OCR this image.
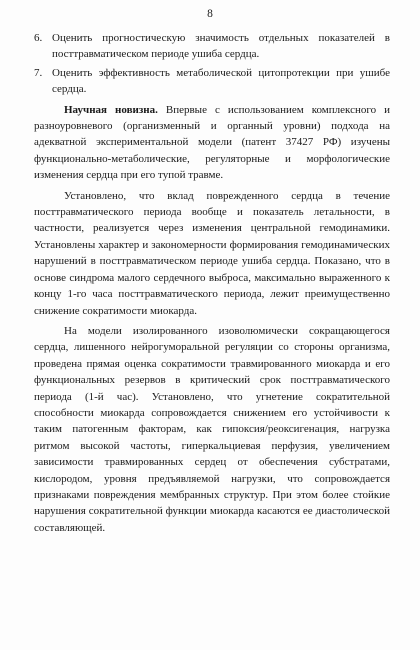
8
6. Оценить прогностическую значимость отдельных показателей в посттравматическом периоде ушиба сердца.
7. Оценить эффективность метаболической цитопротекции при ушибе сердца.

Научная новизна. Впервые с использованием комплексного и разноуровневого (организменный и органный уровни) подхода на адекватной экспериментальной модели (патент 37427 РФ) изучены функционально-метаболические, регуляторные и морфологические изменения сердца при его тупой травме.

Установлено, что вклад поврежденного сердца в течение посттравматического периода вообще и показатель летальности, в частности, реализуется через изменения центральной гемодинамики. Установлены характер и закономерности формирования гемодинамических нарушений в посттравматическом периоде ушиба сердца. Показано, что в основе синдрома малого сердечного выброса, максимально выраженного к концу 1-го часа посттравматического периода, лежит преимущественно снижение сократимости миокарда.

На модели изолированного изоволюмически сокращающегося сердца, лишенного нейрогуморальной регуляции со стороны организма, проведена прямая оценка сократимости травмированного миокарда и его функциональных резервов в критический срок посттравматического периода (1-й час). Установлено, что угнетение сократительной способности миокарда сопровождается снижением его устойчивости к таким патогенным факторам, как гипоксия/реоксигенация, нагрузка ритмом высокой частоты, гиперкальциевая перфузия, увеличением зависимости травмированных сердец от обеспечения субстратами, кислородом, уровня предъявляемой нагрузки, что сопровождается признаками повреждения мембранных структур. При этом более стойкие нарушения сократительной функции миокарда касаются ее диастолической составляющей.
